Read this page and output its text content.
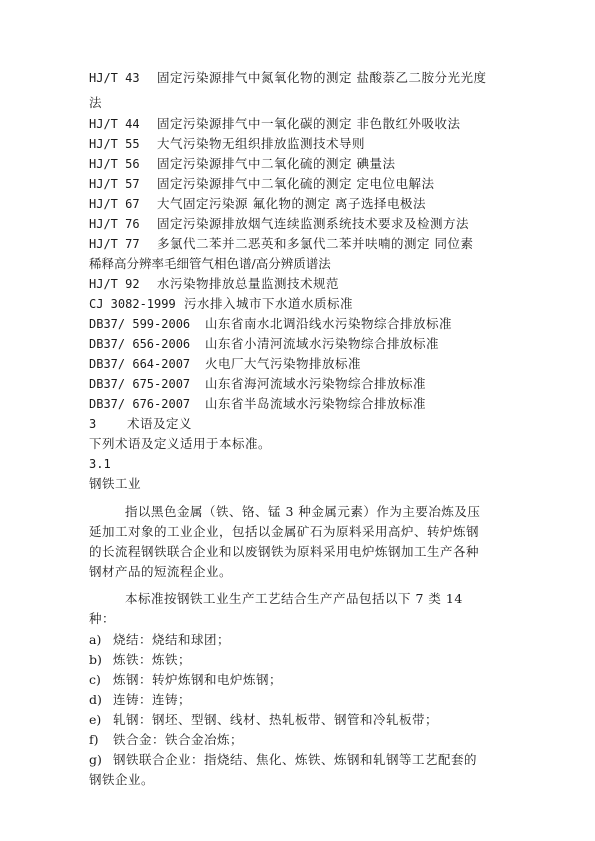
HJ/T 43 固定污染源排气中氮氧化物的测定 盐酸萘乙二胺分光光度
法
HJ/T 44 固定污染源排气中一氧化碳的测定 非色散红外吸收法
HJ/T 55 大气污染物无组织排放监测技术导则
HJ/T 56 固定污染源排气中二氧化硫的测定 碘量法
HJ/T 57 固定污染源排气中二氧化硫的测定 定电位电解法
HJ/T 67 大气固定污染源 氟化物的测定 离子选择电极法
HJ/T 76 固定污染源排放烟气连续监测系统技术要求及检测方法
HJ/T 77 多氯代二苯并二恶英和多氯代二苯并呋喃的测定 同位素
稀释高分辨率毛细管气相色谱/高分辨质谱法
HJ/T 92 水污染物排放总量监测技术规范
CJ 3082-1999 污水排入城市下水道水质标准
DB37/ 599-2006 山东省南水北调沿线水污染物综合排放标准
DB37/ 656-2006 山东省小清河流域水污染物综合排放标准
DB37/ 664-2007 火电厂大气污染物排放标准
DB37/ 675-2007 山东省海河流域水污染物综合排放标准
DB37/ 676-2007 山东省半岛流域水污染物综合排放标准
3 术语及定义
下列术语及定义适用于本标准。
3.1
钢铁工业
指以黑色金属（铁、铬、锰 3 种金属元素）作为主要冶炼及压
延加工对象的工业企业，包括以金属矿石为原料采用高炉、转炉炼钢
的长流程钢铁联合企业和以废钢铁为原料采用电炉炼钢加工生产各种
钢材产品的短流程企业。
本标准按钢铁工业生产工艺结合生产产品包括以下 7 类 14
种：
a) 烧结：烧结和球团；
b) 炼铁：炼铁；
c) 炼钢：转炉炼钢和电炉炼钢；
d) 连铸：连铸；
e) 轧钢：钢坯、型钢、线材、热轧板带、钢管和冷轧板带；
f) 铁合金：铁合金冶炼；
g) 钢铁联合企业：指烧结、焦化、炼铁、炼钢和轧钢等工艺配套的
钢铁企业。
